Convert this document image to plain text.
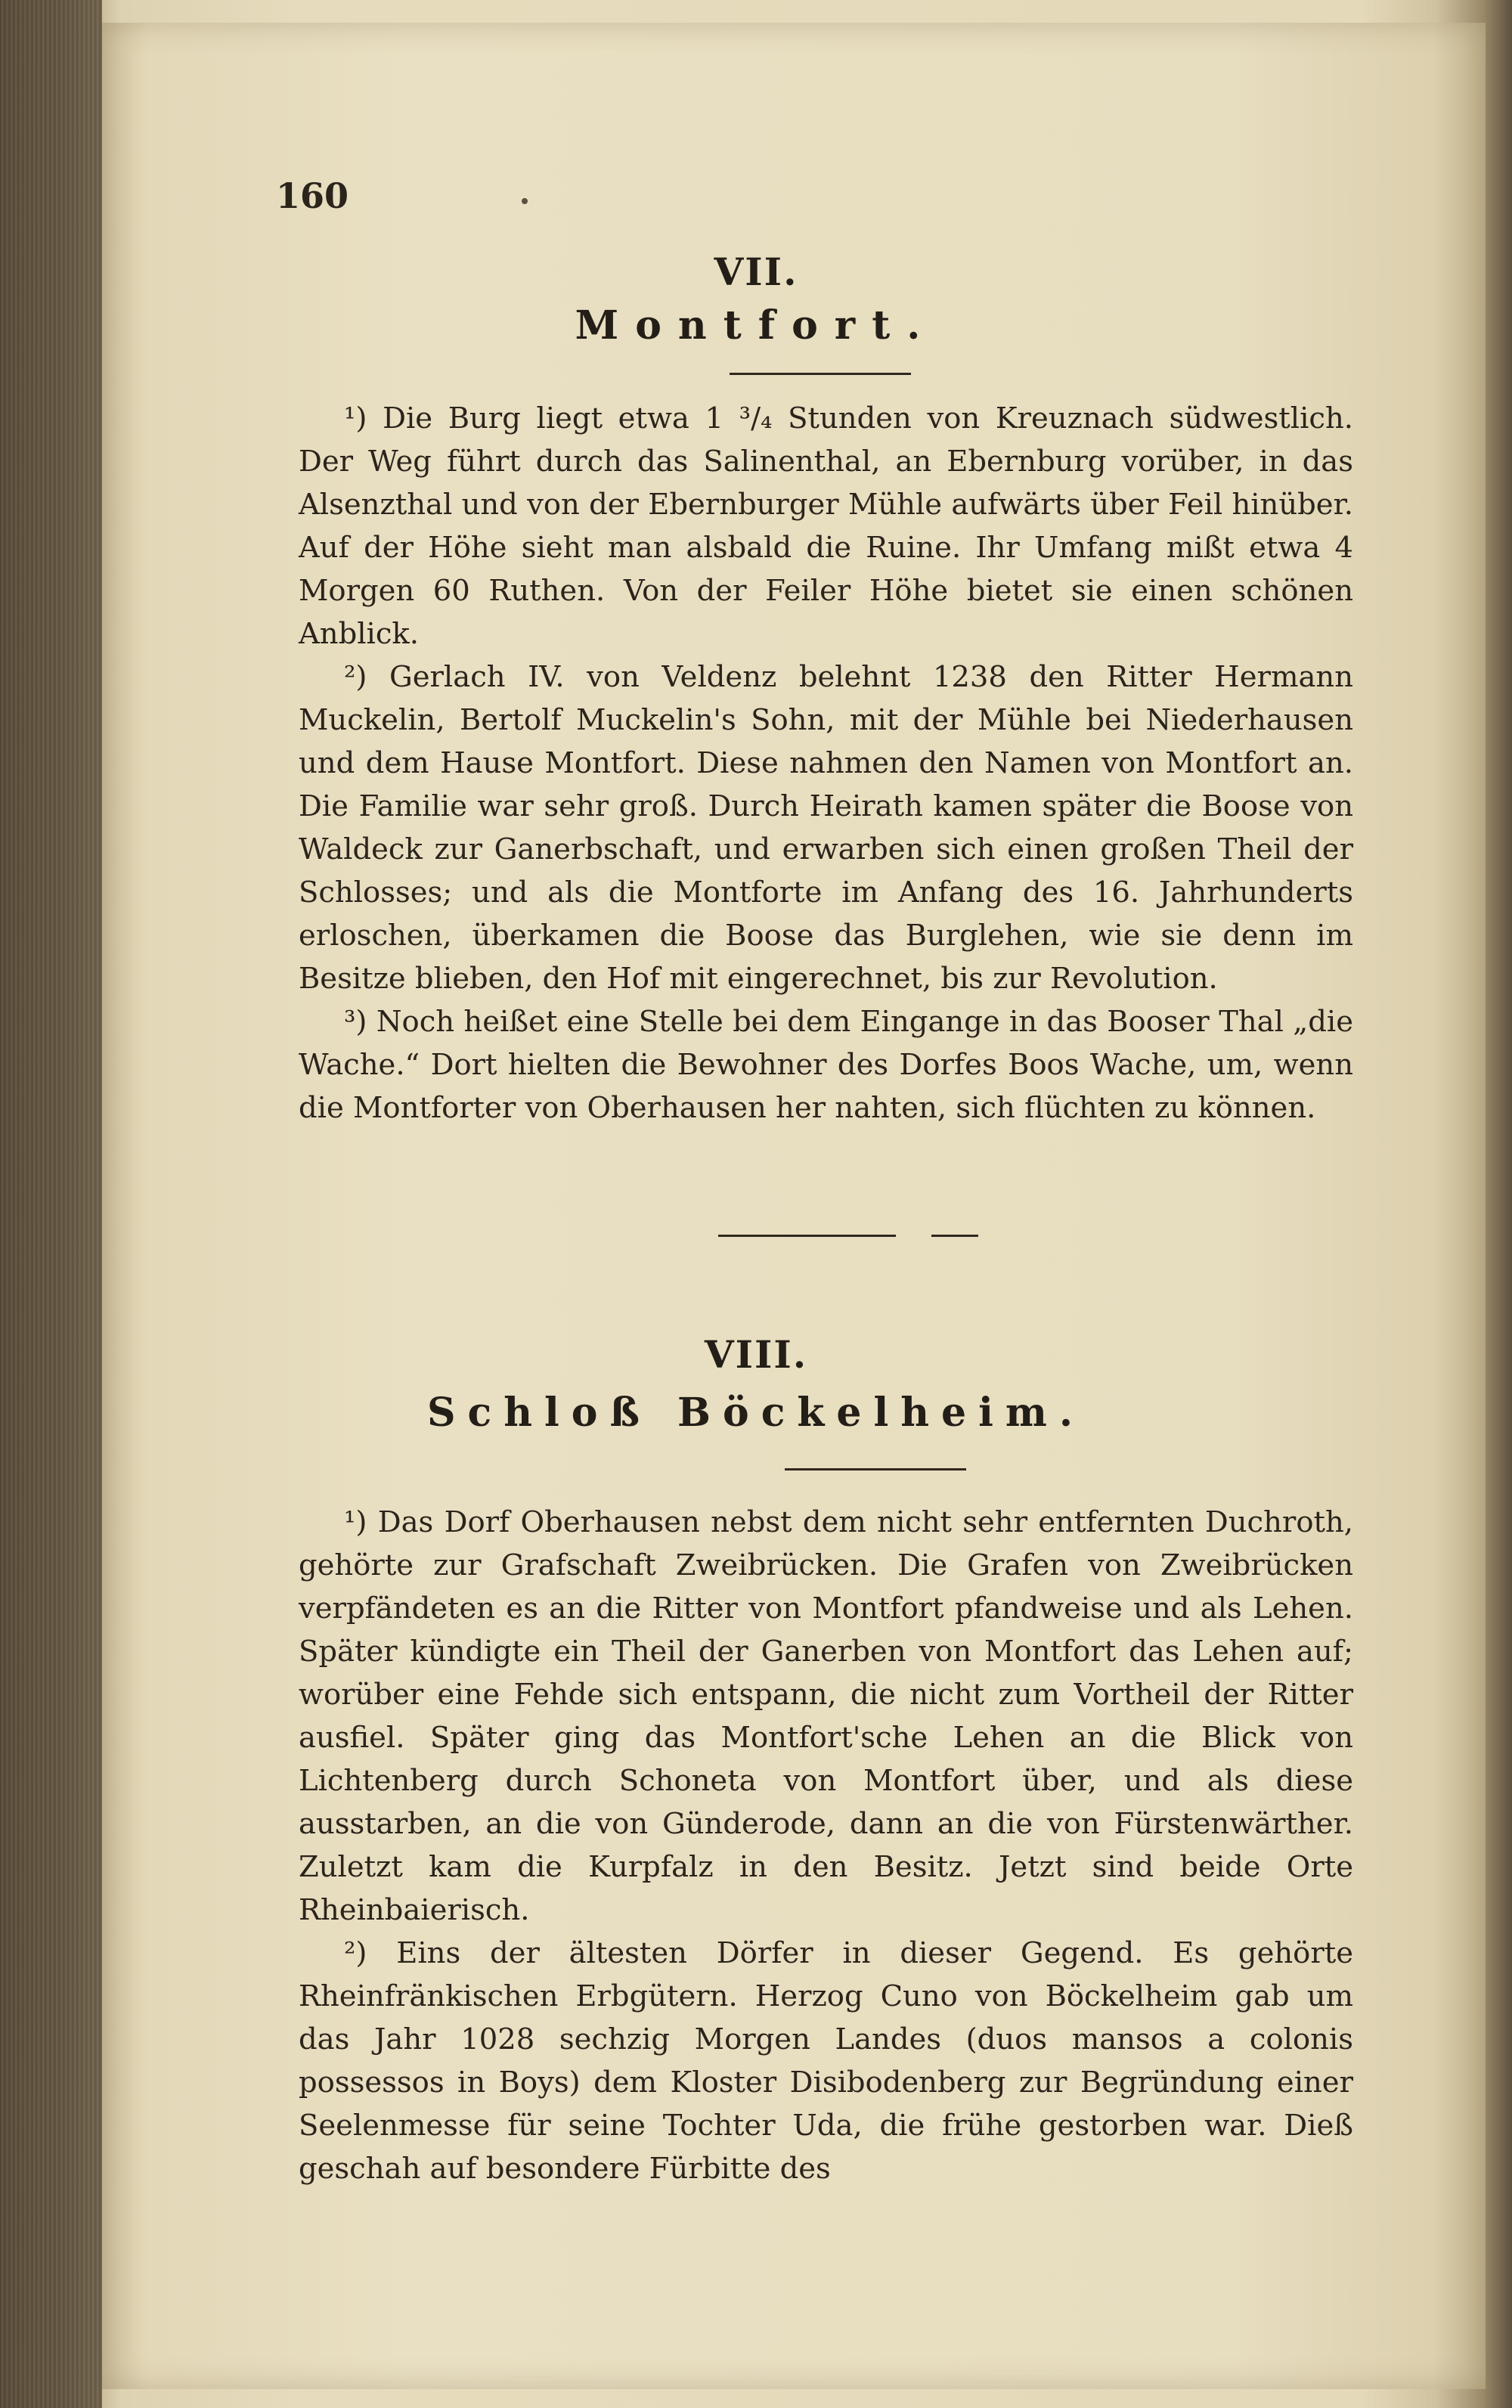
160
VII.
Montfort.

¹) Die Burg liegt etwa 1 ³/₄ Stunden von Kreuznach südwestlich. Der Weg führt durch das Salinenthal, an Ebernburg vorüber, in das Alsenzthal und von der Ebernburger Mühle aufwärts über Feil hinüber. Auf der Höhe sieht man alsbald die Ruine. Ihr Umfang mißt etwa 4 Morgen 60 Ruthen. Von der Feiler Höhe bietet sie einen schönen Anblick.

²) Gerlach IV. von Veldenz belehnt 1238 den Ritter Hermann Muckelin, Bertolf Muckelin's Sohn, mit der Mühle bei Niederhausen und dem Hause Montfort. Diese nahmen den Namen von Montfort an. Die Familie war sehr groß. Durch Heirath kamen später die Boose von Waldeck zur Ganerbschaft, und erwarben sich einen großen Theil der Schlosses; und als die Montforte im Anfang des 16. Jahrhunderts erloschen, überkamen die Boose das Burglehen, wie sie denn im Besitze blieben, den Hof mit eingerechnet, bis zur Revolution.

³) Noch heißet eine Stelle bei dem Eingange in das Booser Thal „die Wache.“ Dort hielten die Bewohner des Dorfes Boos Wache, um, wenn die Montforter von Oberhausen her nahten, sich flüchten zu können.

VIII.
Schloß Böckelheim.

¹) Das Dorf Oberhausen nebst dem nicht sehr entfernten Duchroth, gehörte zur Grafschaft Zweibrücken. Die Grafen von Zweibrücken verpfändeten es an die Ritter von Montfort pfandweise und als Lehen. Später kündigte ein Theil der Ganerben von Montfort das Lehen auf; worüber eine Fehde sich entspann, die nicht zum Vortheil der Ritter ausfiel. Später ging das Montfort'sche Lehen an die Blick von Lichtenberg durch Schoneta von Montfort über, und als diese ausstarben, an die von Günderode, dann an die von Fürstenwärther. Zuletzt kam die Kurpfalz in den Besitz. Jetzt sind beide Orte Rheinbaierisch.

²) Eins der ältesten Dörfer in dieser Gegend. Es gehörte Rheinfränkischen Erbgütern. Herzog Cuno von Böckelheim gab um das Jahr 1028 sechzig Morgen Landes (duos mansos a colonis possessos in Boys) dem Kloster Disibodenberg zur Begründung einer Seelenmesse für seine Tochter Uda, die frühe gestorben war. Dieß geschah auf besondere Fürbitte des
